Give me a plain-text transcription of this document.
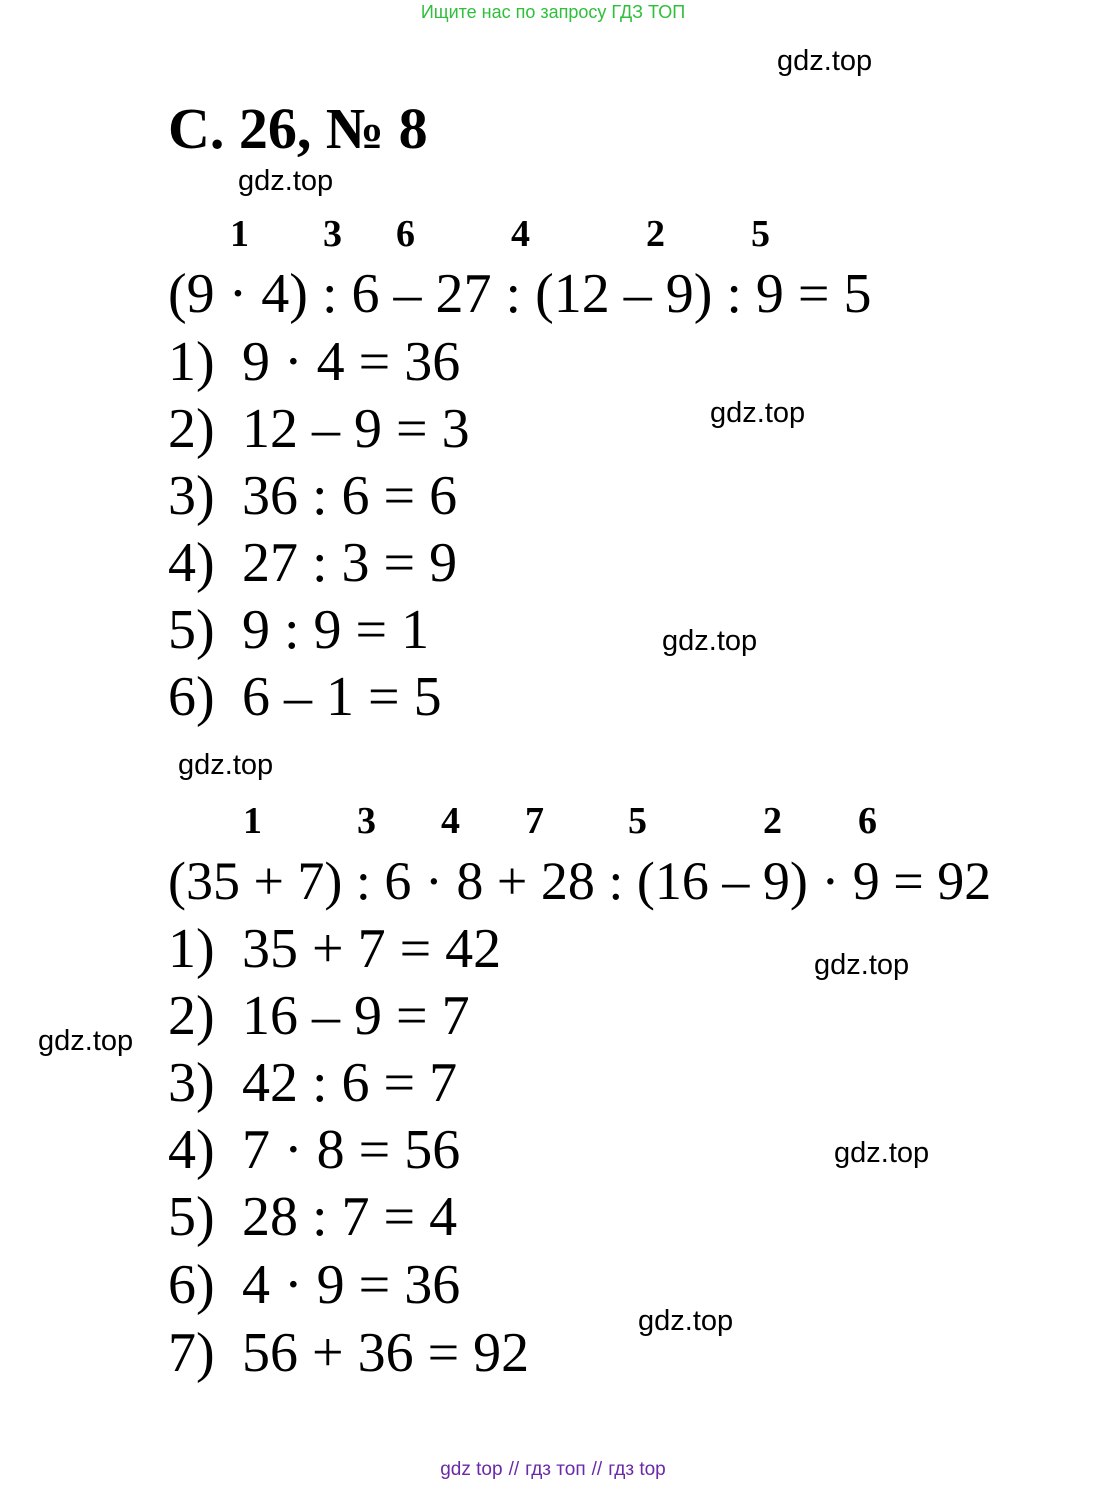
Ищите нас по запросу ГДЗ ТОП
gdz.top
С. 26, № 8
gdz.top
1 3 6	4	2 5
(9 · 4) : 6 – 27 : (12 – 9) : 9 = 5
1) 9 · 4 = 36
2) 12 – 9 = 3
3) 36 : 6 = 6
4) 27 : 3 = 9
5) 9 : 9 = 1
6) 6 – 1 = 5
gdz.top
gdz.top
gdz.top
1	3 4 7 5	2 6
(35 + 7) : 6 · 8 + 28 : (16 – 9) · 9 = 92
1) 35 + 7 = 42
2) 16 – 9 = 7
3) 42 : 6 = 7
4) 7 · 8 = 56
5) 28 : 7 = 4
6) 4 · 9 = 36
7) 56 + 36 = 92
gdz.top
gdz.top
gdz.top
gdz.top
gdz top // гдз топ // гдз top
